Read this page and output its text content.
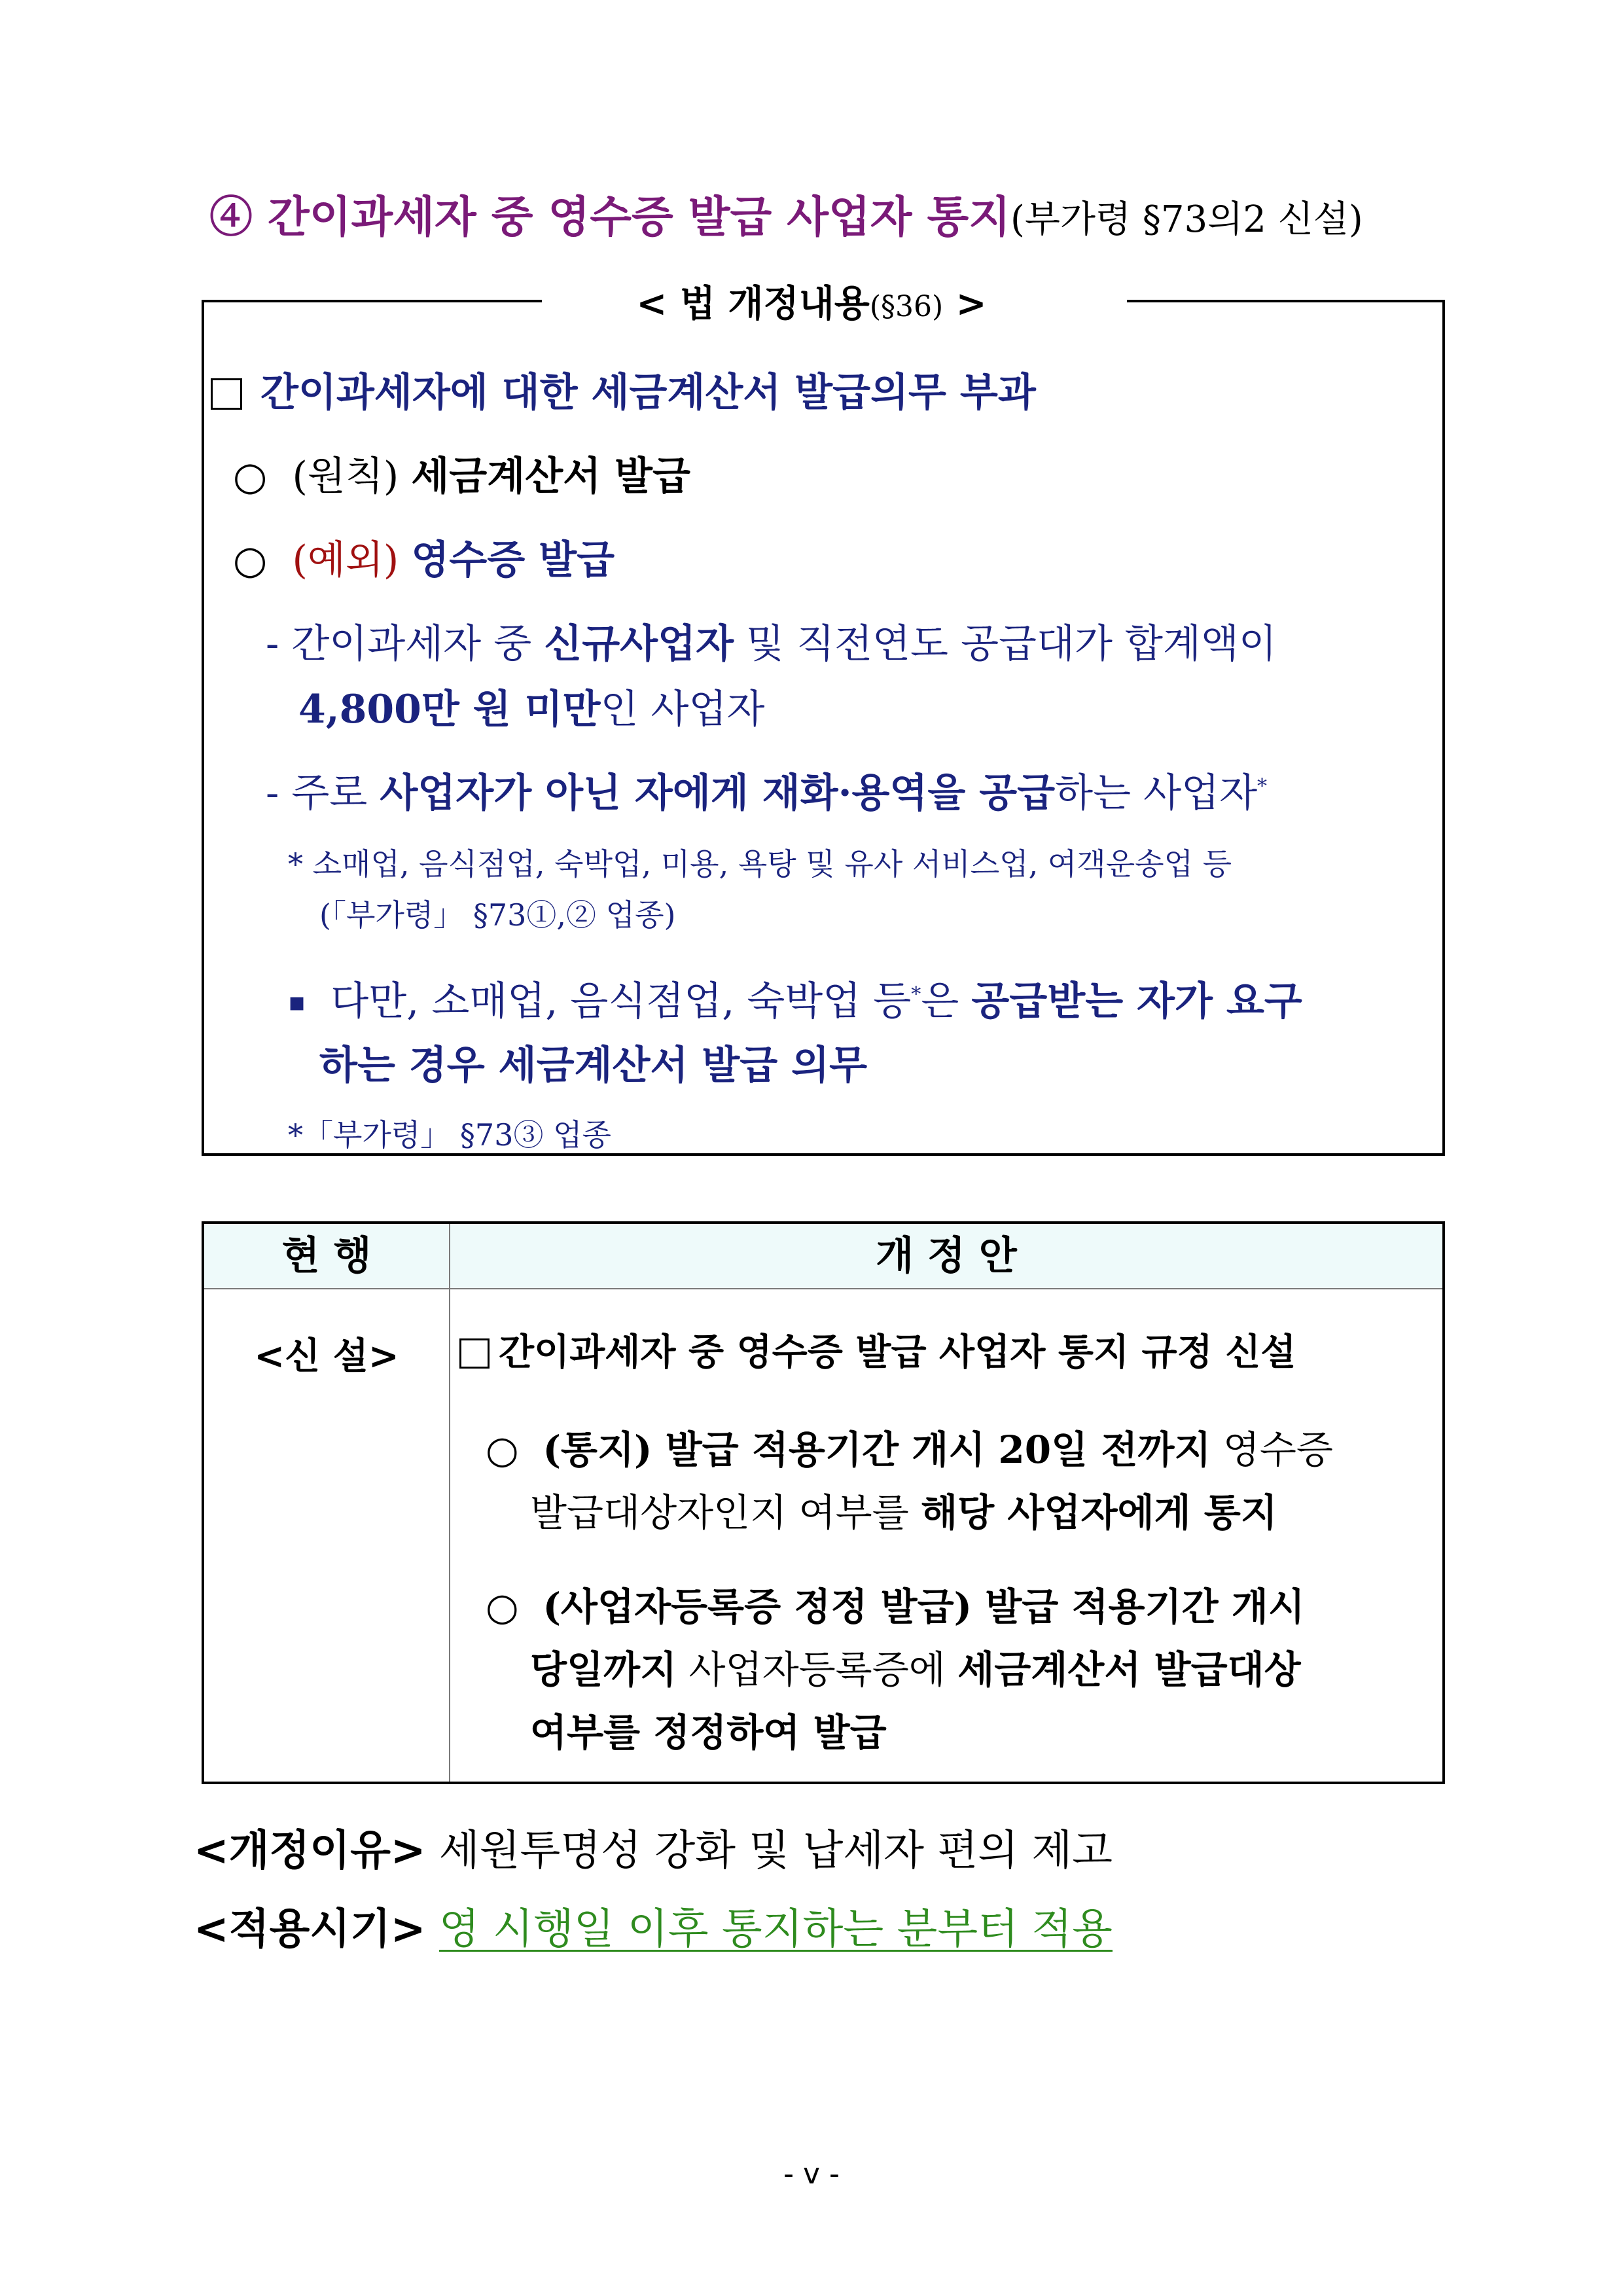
④ 간이과세자 중 영수증 발급 사업자 통지(부가령 §73의2 신설)
< 법 개정내용(§36) >
간이과세자에 대한 세금계산서 발급의무 부과
○ (원칙) 세금계산서 발급
○ (예외) 영수증 발급
- 간이과세자 중 신규사업자 및 직전연도 공급대가 합계액이
4,800만 원 미만인 사업자
- 주로 사업자가 아닌 자에게 재화·용역을 공급하는 사업자*
* 소매업, 음식점업, 숙박업, 미용, 욕탕 및 유사 서비스업, 여객운송업 등
(「부가령」 §73①,② 업종)
▪ 다만, 소매업, 음식점업, 숙박업 등*은 공급받는 자가 요구
하는 경우 세금계산서 발급 의무
*「부가령」 §73③ 업종
현 행	개 정 안
<신 설>	간이과세자 중 영수증 발급 사업자 통지 규정 신설
○ (통지) 발급 적용기간 개시 20일 전까지 영수증
발급대상자인지 여부를 해당 사업자에게 통지
○ (사업자등록증 정정 발급) 발급 적용기간 개시
당일까지 사업자등록증에 세금계산서 발급대상
여부를 정정하여 발급
<개정이유> 세원투명성 강화 및 납세자 편의 제고
<적용시기> 영 시행일 이후 통지하는 분부터 적용
- v -
